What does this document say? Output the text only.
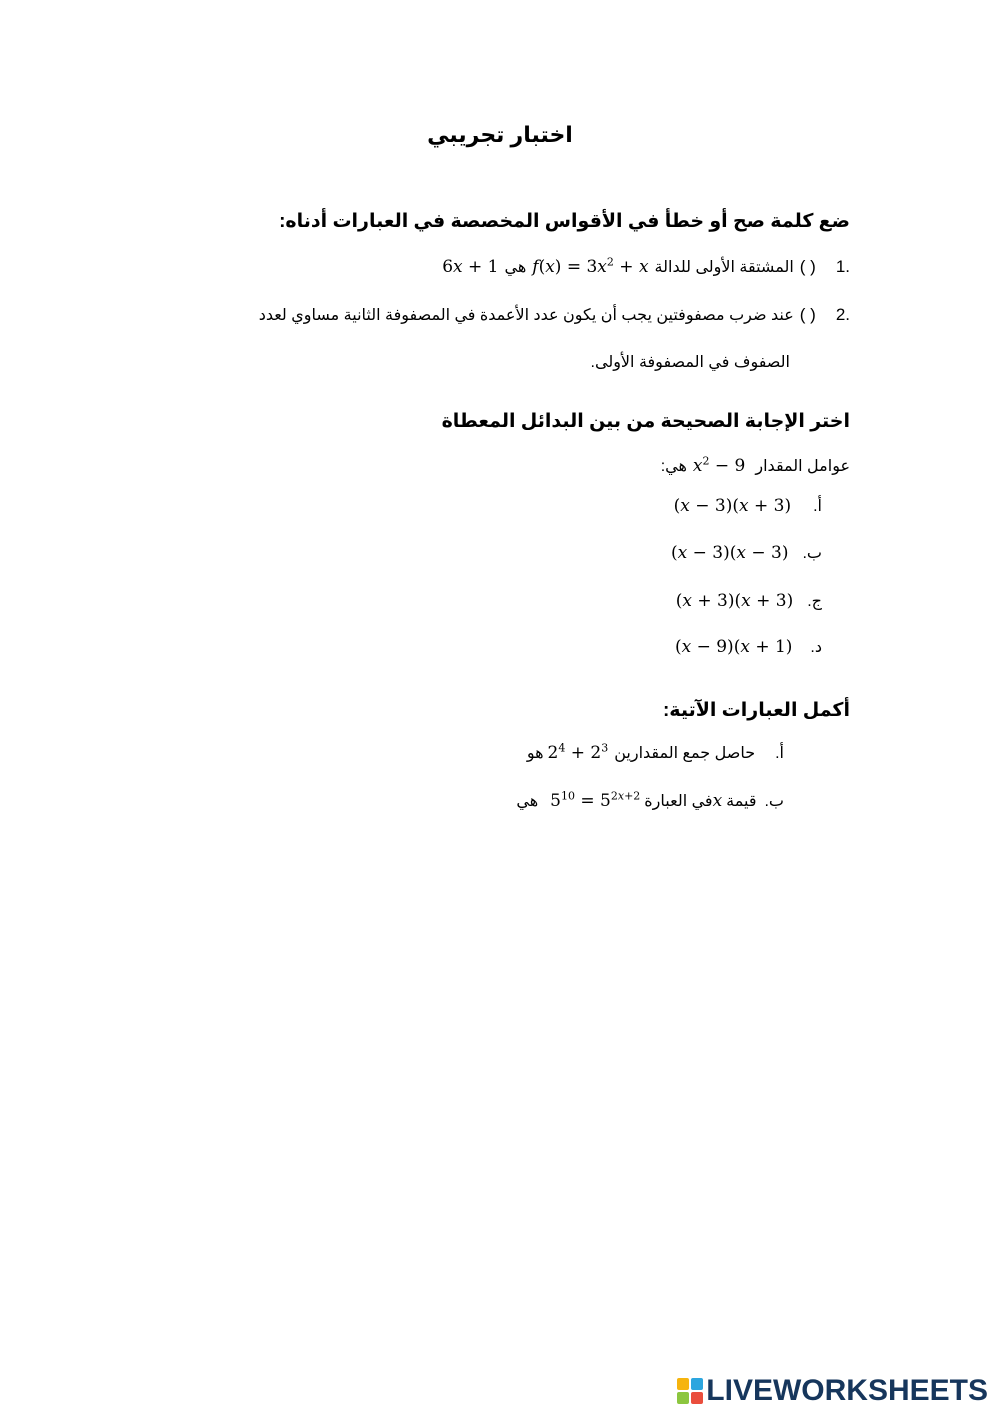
اختبار تجريبي
ضع كلمة صح أو خطأ في الأقواس المخصصة في العبارات أدناه:
1.
( )
المشتقة الأولى للدالة
$f(x) = 3x^2 + x$
هي
6x + 1
2.
( )
عند ضرب مصفوفتين يجب أن يكون عدد الأعمدة في المصفوفة الثانية مساوي لعدد
الصفوف في المصفوفة الأولى.
اختر الإجابة الصحيحة من بين البدائل المعطاة
عوامل المقدار
$x^2 - 9$
هي:
أ.
(x − 3)(x + 3)
ب.
(x − 3)(x − 3)
ج.
(x + 3)(x + 3)
د.
(x − 9)(x + 1)
أكمل العبارات الآتية:
أ.
حاصل جمع المقدارين
$2^4 + 2^3$
هو
ب.
قيمة
x
في العبارة
$5^{10} = 5^{2x+2}$
هي
LIVEWORKSHEETS
